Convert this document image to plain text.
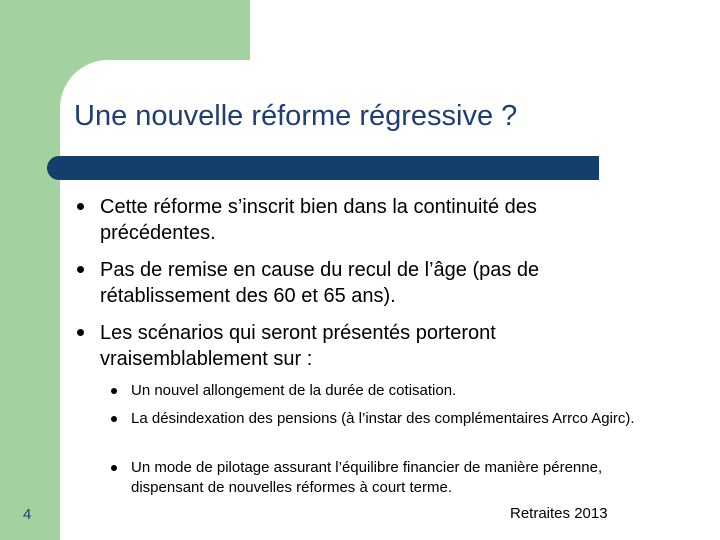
Une nouvelle réforme régressive ?
Cette réforme s’inscrit bien dans la continuité des précédentes.
Pas de remise en cause du recul de l’âge (pas de rétablissement des 60 et 65 ans).
Les scénarios qui seront présentés porteront vraisemblablement sur :
Un nouvel allongement de la durée de cotisation.
La désindexation des pensions (à l’instar des complémentaires Arrco Agirc).
Un mode de pilotage assurant l’équilibre financier de manière pérenne, dispensant de nouvelles réformes à court terme.
Retraites 2013
4
